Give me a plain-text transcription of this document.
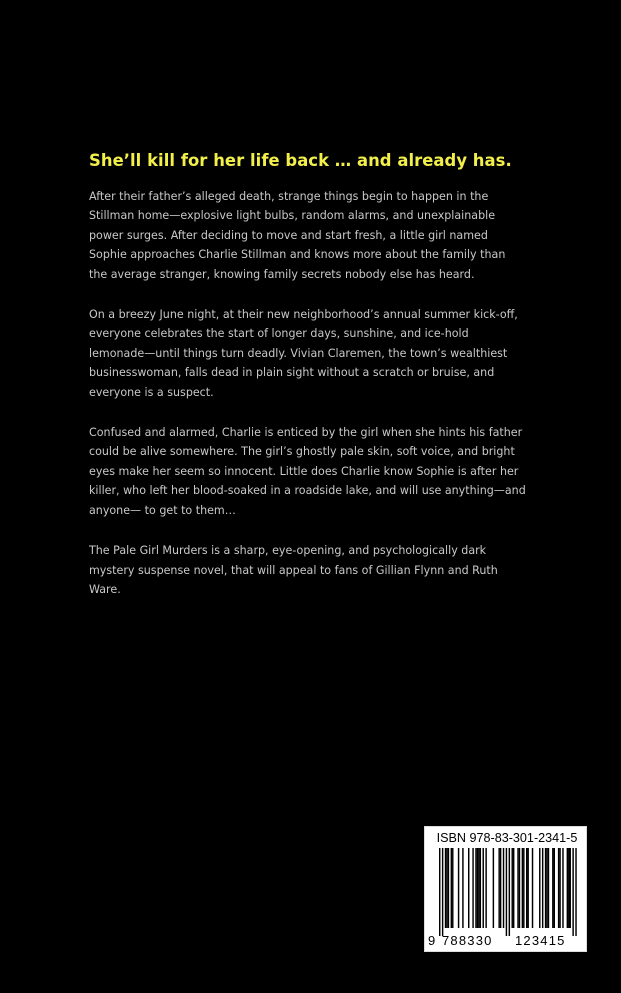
She’ll kill for her life back … and already has.

After their father’s alleged death, strange things begin to happen in the Stillman home—explosive light bulbs, random alarms, and unexplainable power surges. After deciding to move and start fresh, a little girl named Sophie approaches Charlie Stillman and knows more about the family than the average stranger, knowing family secrets nobody else has heard.

On a breezy June night, at their new neighborhood’s annual summer kick-off, everyone celebrates the start of longer days, sunshine, and ice-hold lemonade—until things turn deadly. Vivian Claremen, the town’s wealthiest businesswoman, falls dead in plain sight without a scratch or bruise, and everyone is a suspect.

Confused and alarmed, Charlie is enticed by the girl when she hints his father could be alive somewhere. The girl’s ghostly pale skin, soft voice, and bright eyes make her seem so innocent. Little does Charlie know Sophie is after her killer, who left her blood-soaked in a roadside lake, and will use anything—and anyone— to get to them…

The Pale Girl Murders is a sharp, eye-opening, and psychologically dark mystery suspense novel, that will appeal to fans of Gillian Flynn and Ruth Ware.

ISBN 978-83-301-2341-5
9 788330 123415
